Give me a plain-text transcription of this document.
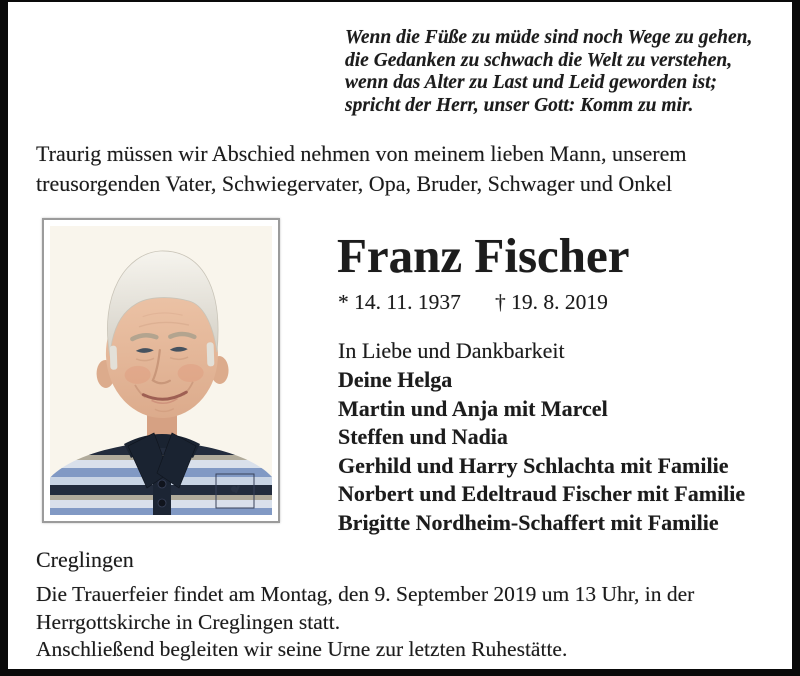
Wenn die Füße zu müde sind noch Wege zu gehen,
die Gedanken zu schwach die Welt zu verstehen,
wenn das Alter zu Last und Leid geworden ist;
spricht der Herr, unser Gott: Komm zu mir.
Traurig müssen wir Abschied nehmen von meinem lieben Mann, unserem
treusorgenden Vater, Schwiegervater, Opa, Bruder, Schwager und Onkel
Franz Fischer
* 14. 11. 1937 † 19. 8. 2019
In Liebe und Dankbarkeit
Deine Helga
Martin und Anja mit Marcel
Steffen und Nadia
Gerhild und Harry Schlachta mit Familie
Norbert und Edeltraud Fischer mit Familie
Brigitte Nordheim-Schaffert mit Familie
Creglingen
Die Trauerfeier findet am Montag, den 9. September 2019 um 13 Uhr, in der
Herrgottskirche in Creglingen statt.
Anschließend begleiten wir seine Urne zur letzten Ruhestätte.
